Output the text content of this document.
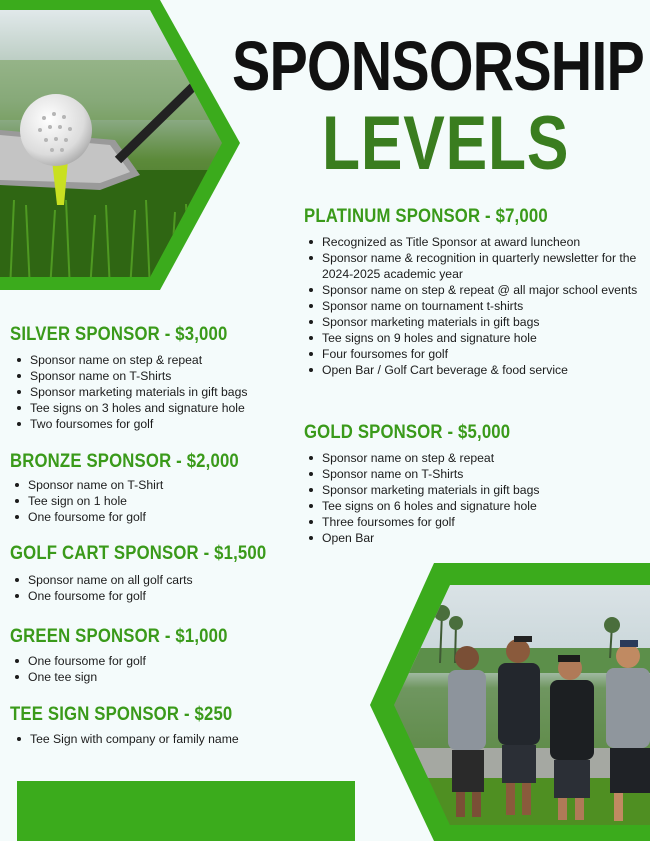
SPONSORSHIP
LEVELS
PLATINUM SPONSOR - $7,000
Recognized as Title Sponsor at award luncheon
Sponsor name & recognition in quarterly newsletter for the 2024-2025 academic year
Sponsor name on step & repeat @ all major school events
Sponsor name on tournament t-shirts
Sponsor marketing materials in gift bags
Tee signs on 9 holes and signature hole
Four foursomes for golf
Open Bar / Golf Cart beverage & food service
GOLD SPONSOR - $5,000
Sponsor name on step & repeat
Sponsor name on T-Shirts
Sponsor marketing materials in gift bags
Tee signs on 6 holes and signature hole
Three foursomes for golf
Open Bar
SILVER SPONSOR - $3,000
Sponsor name on step & repeat
Sponsor name on T-Shirts
Sponsor marketing materials in gift bags
Tee signs on 3 holes and signature hole
Two foursomes for golf
BRONZE SPONSOR - $2,000
Sponsor name on T-Shirt
Tee sign on 1 hole
One foursome for golf
GOLF CART SPONSOR - $1,500
Sponsor name on all golf carts
One foursome for golf
GREEN SPONSOR - $1,000
One foursome for golf
One tee sign
TEE SIGN SPONSOR - $250
Tee Sign with company or family name
